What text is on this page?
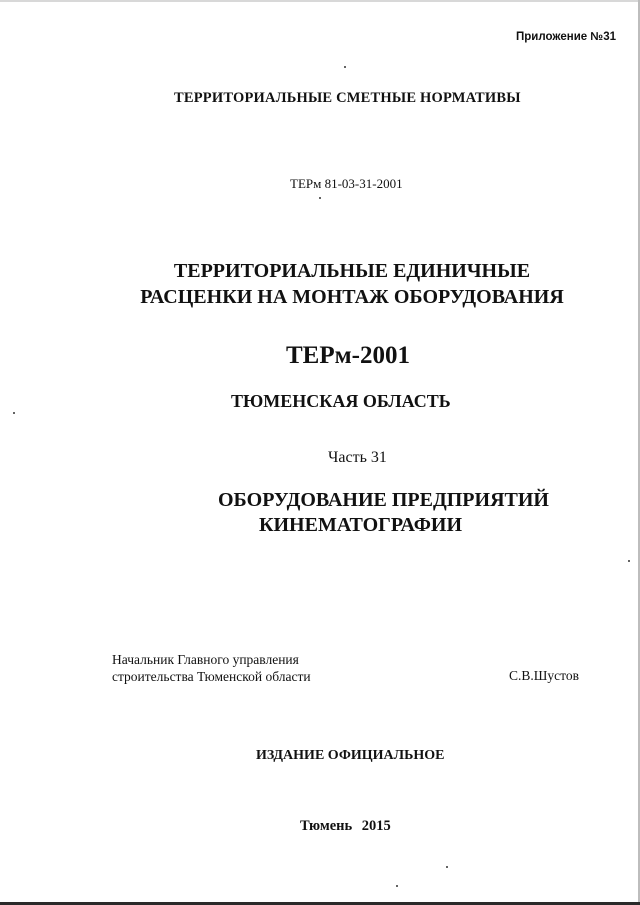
Приложение №31
ТЕРРИТОРИАЛЬНЫЕ СМЕТНЫЕ НОРМАТИВЫ
ТЕРм 81-03-31-2001
ТЕРРИТОРИАЛЬНЫЕ ЕДИНИЧНЫЕ
РАСЦЕНКИ НА МОНТАЖ ОБОРУДОВАНИЯ
ТЕРм-2001
ТЮМЕНСКАЯ ОБЛАСТЬ
Часть 31
ОБОРУДОВАНИЕ ПРЕДПРИЯТИЙ
КИНЕМАТОГРАФИИ
Начальник Главного управления
строительства Тюменской области	С.В.Шустов
ИЗДАНИЕ ОФИЦИАЛЬНОЕ
Тюмень 2015
